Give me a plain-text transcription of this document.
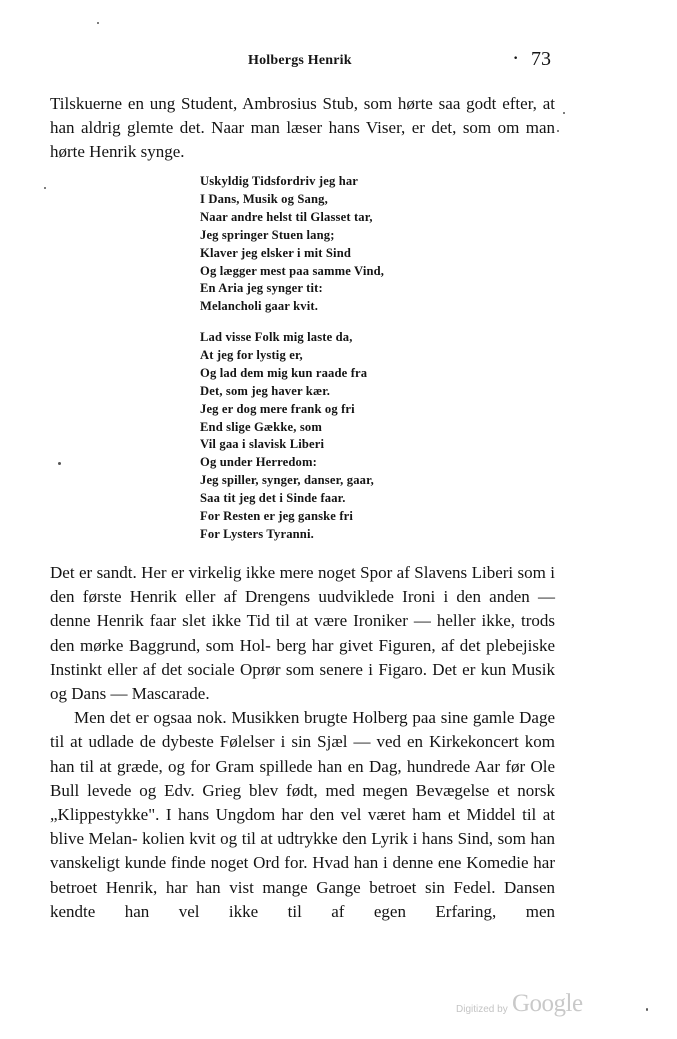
Holbergs Henrik	· 73

Tilskuerne en ung Student, Ambrosius Stub, som hørte saa godt efter, at han aldrig glemte det. Naar man læser hans Viser, er det, som om man hørte Henrik synge.

Uskyldig Tidsfordriv jeg har
I Dans, Musik og Sang,
Naar andre helst til Glasset tar,
Jeg springer Stuen lang;
Klaver jeg elsker i mit Sind
Og lægger mest paa samme Vind,
En Aria jeg synger tit:
Melancholi gaar kvit.
Lad visse Folk mig laste da,
At jeg for lystig er,
Og lad dem mig kun raade fra
Det, som jeg haver kær.
Jeg er dog mere frank og fri
End slige Gække, som
Vil gaa i slavisk Liberi
Og under Herredom:
Jeg spiller, synger, danser, gaar,
Saa tit jeg det i Sinde faar.
For Resten er jeg ganske fri
For Lysters Tyranni.

Det er sandt. Her er virkelig ikke mere noget Spor af Slavens Liberi som i den første Henrik eller af Drengens uudviklede Ironi i den anden — denne Henrik faar slet ikke Tid til at være Ironiker — heller ikke, trods den mørke Baggrund, som Hol- berg har givet Figuren, af det plebejiske Instinkt eller af det sociale Oprør som senere i Figaro. Det er kun Musik og Dans — Mascarade.

Men det er ogsaa nok. Musikken brugte Holberg paa sine gamle Dage til at udlade de dybeste Følelser i sin Sjæl — ved en Kirkekoncert kom han til at græde, og for Gram spillede han en Dag, hundrede Aar før Ole Bull levede og Edv. Grieg blev født, med megen Bevægelse et norsk „Klippestykke". I hans Ungdom har den vel været ham et Middel til at blive Melan- kolien kvit og til at udtrykke den Lyrik i hans Sind, som han vanskeligt kunde finde noget Ord for. Hvad han i denne ene Komedie har betroet Henrik, har han vist mange Gange betroet sin Fedel. Dansen kendte han vel ikke til af egen Erfaring, men

Digitized by Google
